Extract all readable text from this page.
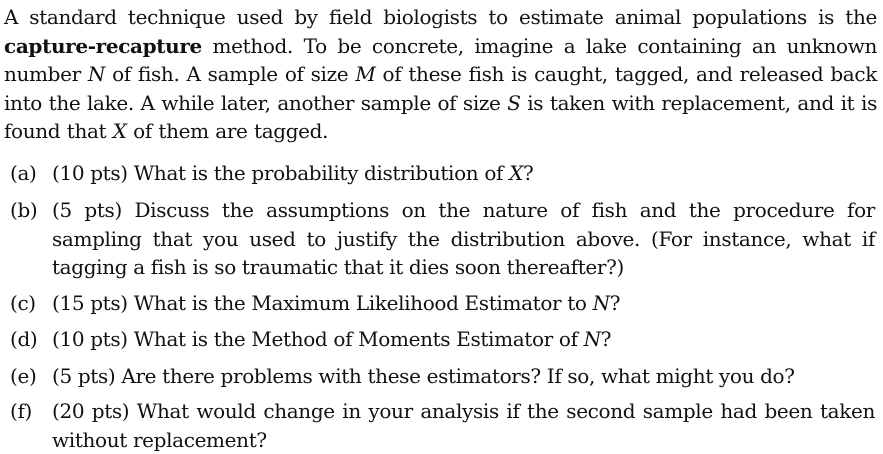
A standard technique used by field biologists to estimate animal populations is the capture-recapture method. To be concrete, imagine a lake containing an unknown number N of fish. A sample of size M of these fish is caught, tagged, and released back into the lake. A while later, another sample of size S is taken with replacement, and it is found that X of them are tagged.
(a) (10 pts) What is the probability distribution of X?
(b) (5 pts) Discuss the assumptions on the nature of fish and the procedure for sampling that you used to justify the distribution above. (For instance, what if tagging a fish is so traumatic that it dies soon thereafter?)
(c) (15 pts) What is the Maximum Likelihood Estimator to N?
(d) (10 pts) What is the Method of Moments Estimator of N?
(e) (5 pts) Are there problems with these estimators? If so, what might you do?
(f) (20 pts) What would change in your analysis if the second sample had been taken without replacement?
